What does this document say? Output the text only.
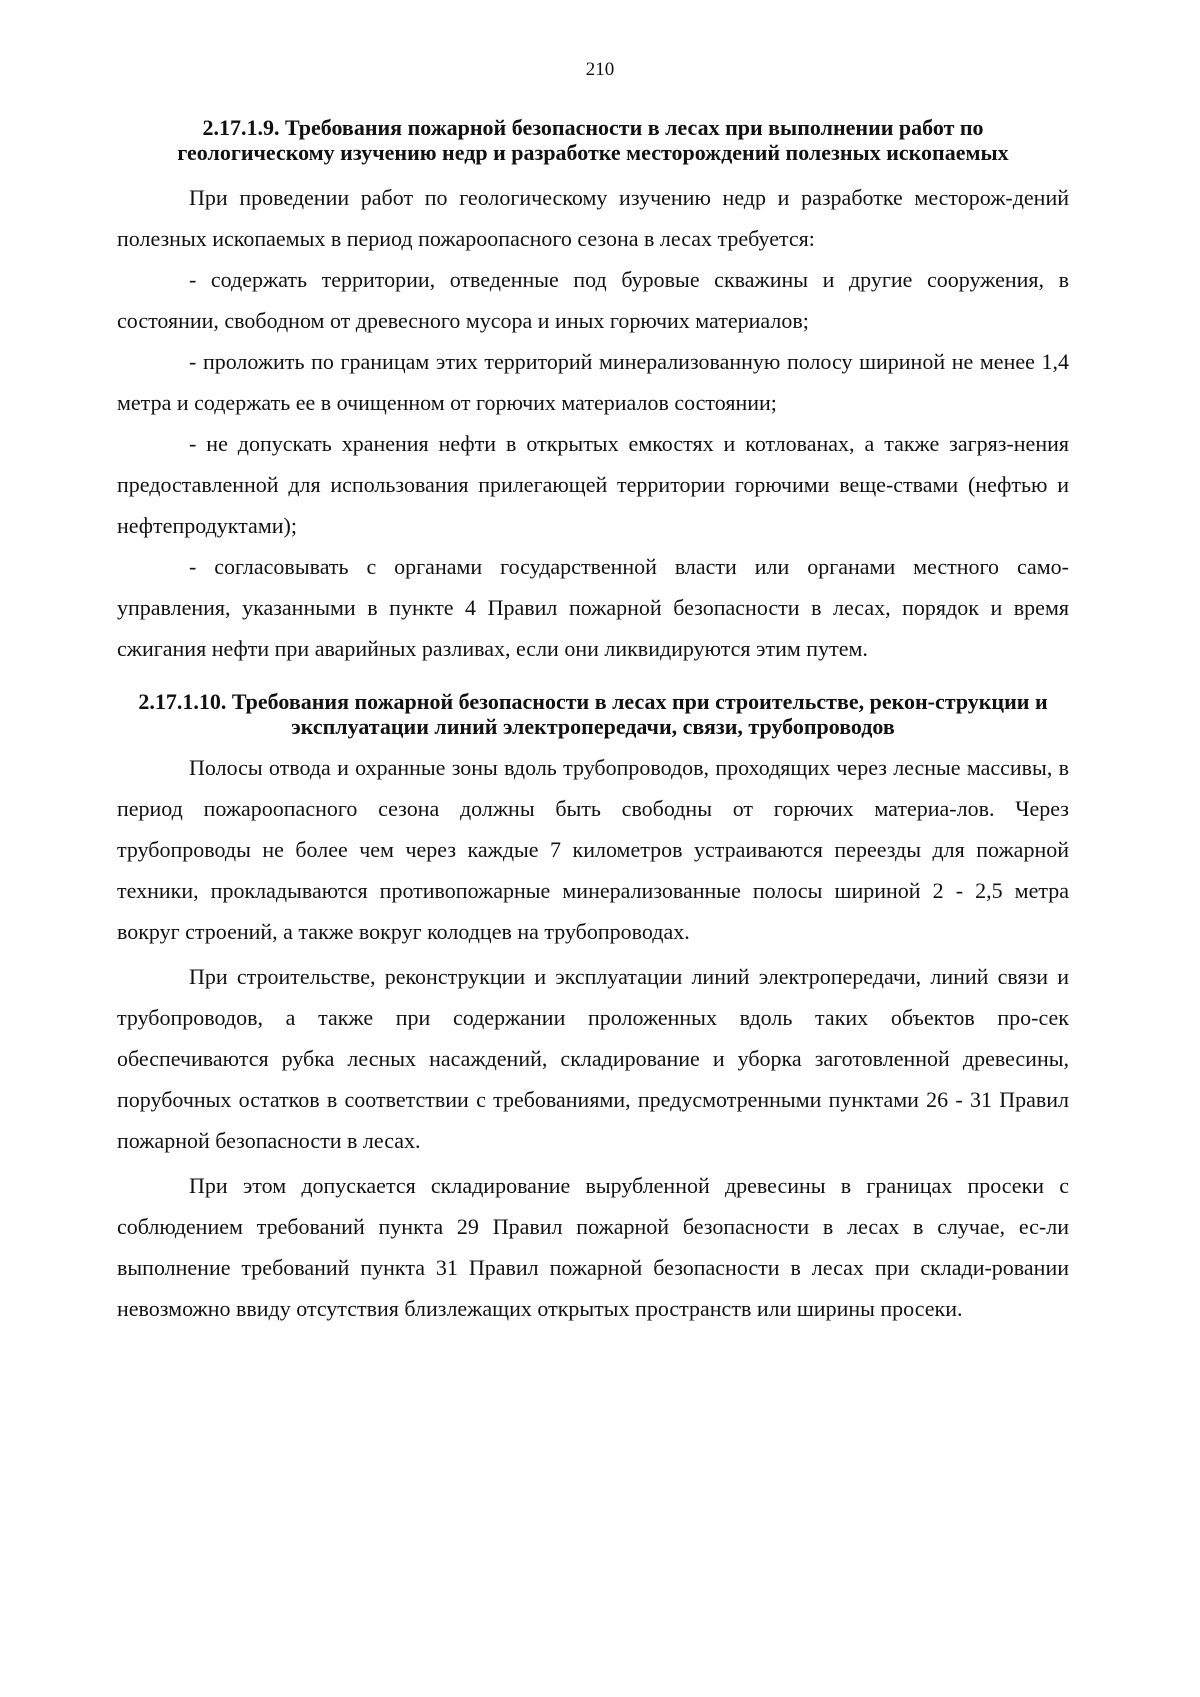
210
2.17.1.9. Требования пожарной безопасности в лесах при выполнении работ по геологическому изучению недр и разработке месторождений полезных ископаемых

При проведении работ по геологическому изучению недр и разработке месторож-дений полезных ископаемых в период пожароопасного сезона в лесах требуется:

- содержать территории, отведенные под буровые скважины и другие сооружения, в состоянии, свободном от древесного мусора и иных горючих материалов;

- проложить по границам этих территорий минерализованную полосу шириной не менее 1,4 метра и содержать ее в очищенном от горючих материалов состоянии;

- не допускать хранения нефти в открытых емкостях и котлованах, а также загряз-нения предоставленной для использования прилегающей территории горючими веще-ствами (нефтью и нефтепродуктами);

- согласовывать с органами государственной власти или органами местного само-управления, указанными в пункте 4 Правил пожарной безопасности в лесах, порядок и время сжигания нефти при аварийных разливах, если они ликвидируются этим путем.

2.17.1.10. Требования пожарной безопасности в лесах при строительстве, рекон-струкции и эксплуатации линий электропередачи, связи, трубопроводов

Полосы отвода и охранные зоны вдоль трубопроводов, проходящих через лесные массивы, в период пожароопасного сезона должны быть свободны от горючих материа-лов. Через трубопроводы не более чем через каждые 7 километров устраиваются переезды для пожарной техники, прокладываются противопожарные минерализованные полосы шириной 2 - 2,5 метра вокруг строений, а также вокруг колодцев на трубопроводах.

При строительстве, реконструкции и эксплуатации линий электропередачи, линий связи и трубопроводов, а также при содержании проложенных вдоль таких объектов про-сек обеспечиваются рубка лесных насаждений, складирование и уборка заготовленной древесины, порубочных остатков в соответствии с требованиями, предусмотренными пунктами 26 - 31 Правил пожарной безопасности в лесах.

При этом допускается складирование вырубленной древесины в границах просеки с соблюдением требований пункта 29 Правил пожарной безопасности в лесах в случае, ес-ли выполнение требований пункта 31 Правил пожарной безопасности в лесах при склади-ровании невозможно ввиду отсутствия близлежащих открытых пространств или ширины просеки.
